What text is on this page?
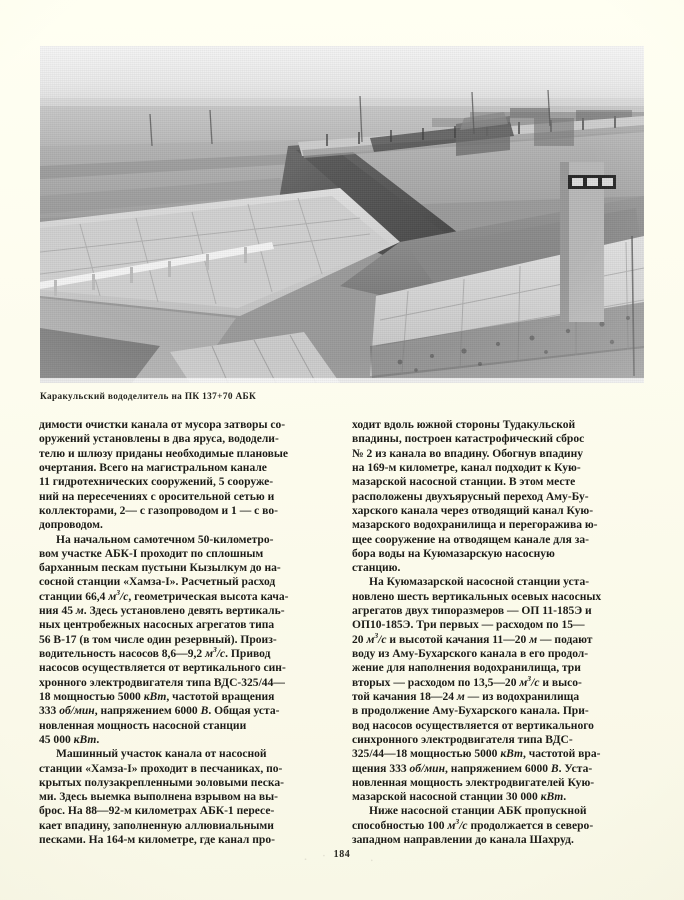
Каракульский вододелитель на ПК 137+70 АБК

димости очистки канала от мусора затворы со-
оружений установлены в два яруса, вододели-
телю и шлюзу приданы необходимые плановые
очертания. Всего на магистральном канале
11 гидротехнических сооружений, 5 сооруже-
ний на пересечениях с оросительной сетью и
коллекторами, 2— с газопроводом и 1 — с во-
допроводом.

На начальном самотечном 50-километро-
вом участке АБК-I проходит по сплошным
барханным пескам пустыни Кызылкум до на-
сосной станции «Хамза-I». Расчетный расход
станции 66,4 $м^3/с$, геометрическая высота кача-
ния 45 м. Здесь установлено девять вертикаль-
ных центробежных насосных агрегатов типа
56 В-17 (в том числе один резервный). Произ-
водительность насосов 8,6—9,2 $м^3/с$. Привод
насосов осуществляется от вертикального син-
хронного электродвигателя типа ВДС-325/44—
18 мощностью 5000 кВт, частотой вращения
333 об/мин, напряжением 6000 В. Общая уста-
новленная мощность насосной станции
45 000 кВт.

Машинный участок канала от насосной
станции «Хамза-I» проходит в песчаниках, по-
крытых полузакрепленными эоловыми песка-
ми. Здесь выемка выполнена взрывом на вы-
брос. На 88—92-м километрах АБК-1 пересе-
кает впадину, заполненную аллювиальными
песками. На 164-м километре, где канал про-

ходит вдоль южной стороны Тудакульской
впадины, построен катастрофический сброс
№ 2 из канала во впадину. Обогнув впадину
на 169-м километре, канал подходит к Кую-
мазарской насосной станции. В этом месте
расположены двухъярусный переход Аму-Бу-
харского канала через отводящий канал Кую-
мазарского водохранилища и перегоражива ю-
щее сооружение на отводящем канале для за-
бора воды на Куюмазарскую насосную
станцию.

На Куюмазарской насосной станции уста-
новлено шесть вертикальных осевых насосных
агрегатов двух типоразмеров — ОП 11-185Э и
ОП10-185Э. Три первых — расходом по 15—
20 $м^3/с$ и высотой качания 11—20 м — подают
воду из Аму-Бухарского канала в его продол-
жение для наполнения водохранилища, три
вторых — расходом по 13,5—20 $м^3/с$ и высо-
той качания 18—24 м — из водохранилища
в продолжение Аму-Бухарского канала. При-
вод насосов осуществляется от вертикального
синхронного электродвигателя типа ВДС-
325/44—18 мощностью 5000 кВт, частотой вра-
щения 333 об/мин, напряжением 6000 В. Уста-
новленная мощность электродвигателей Кую-
мазарской насосной станции 30 000 кВт.

Ниже насосной станции АБК пропускной
способностью 100 $м^3/с$ продолжается в северо-
западном направлении до канала Шахруд.

184
